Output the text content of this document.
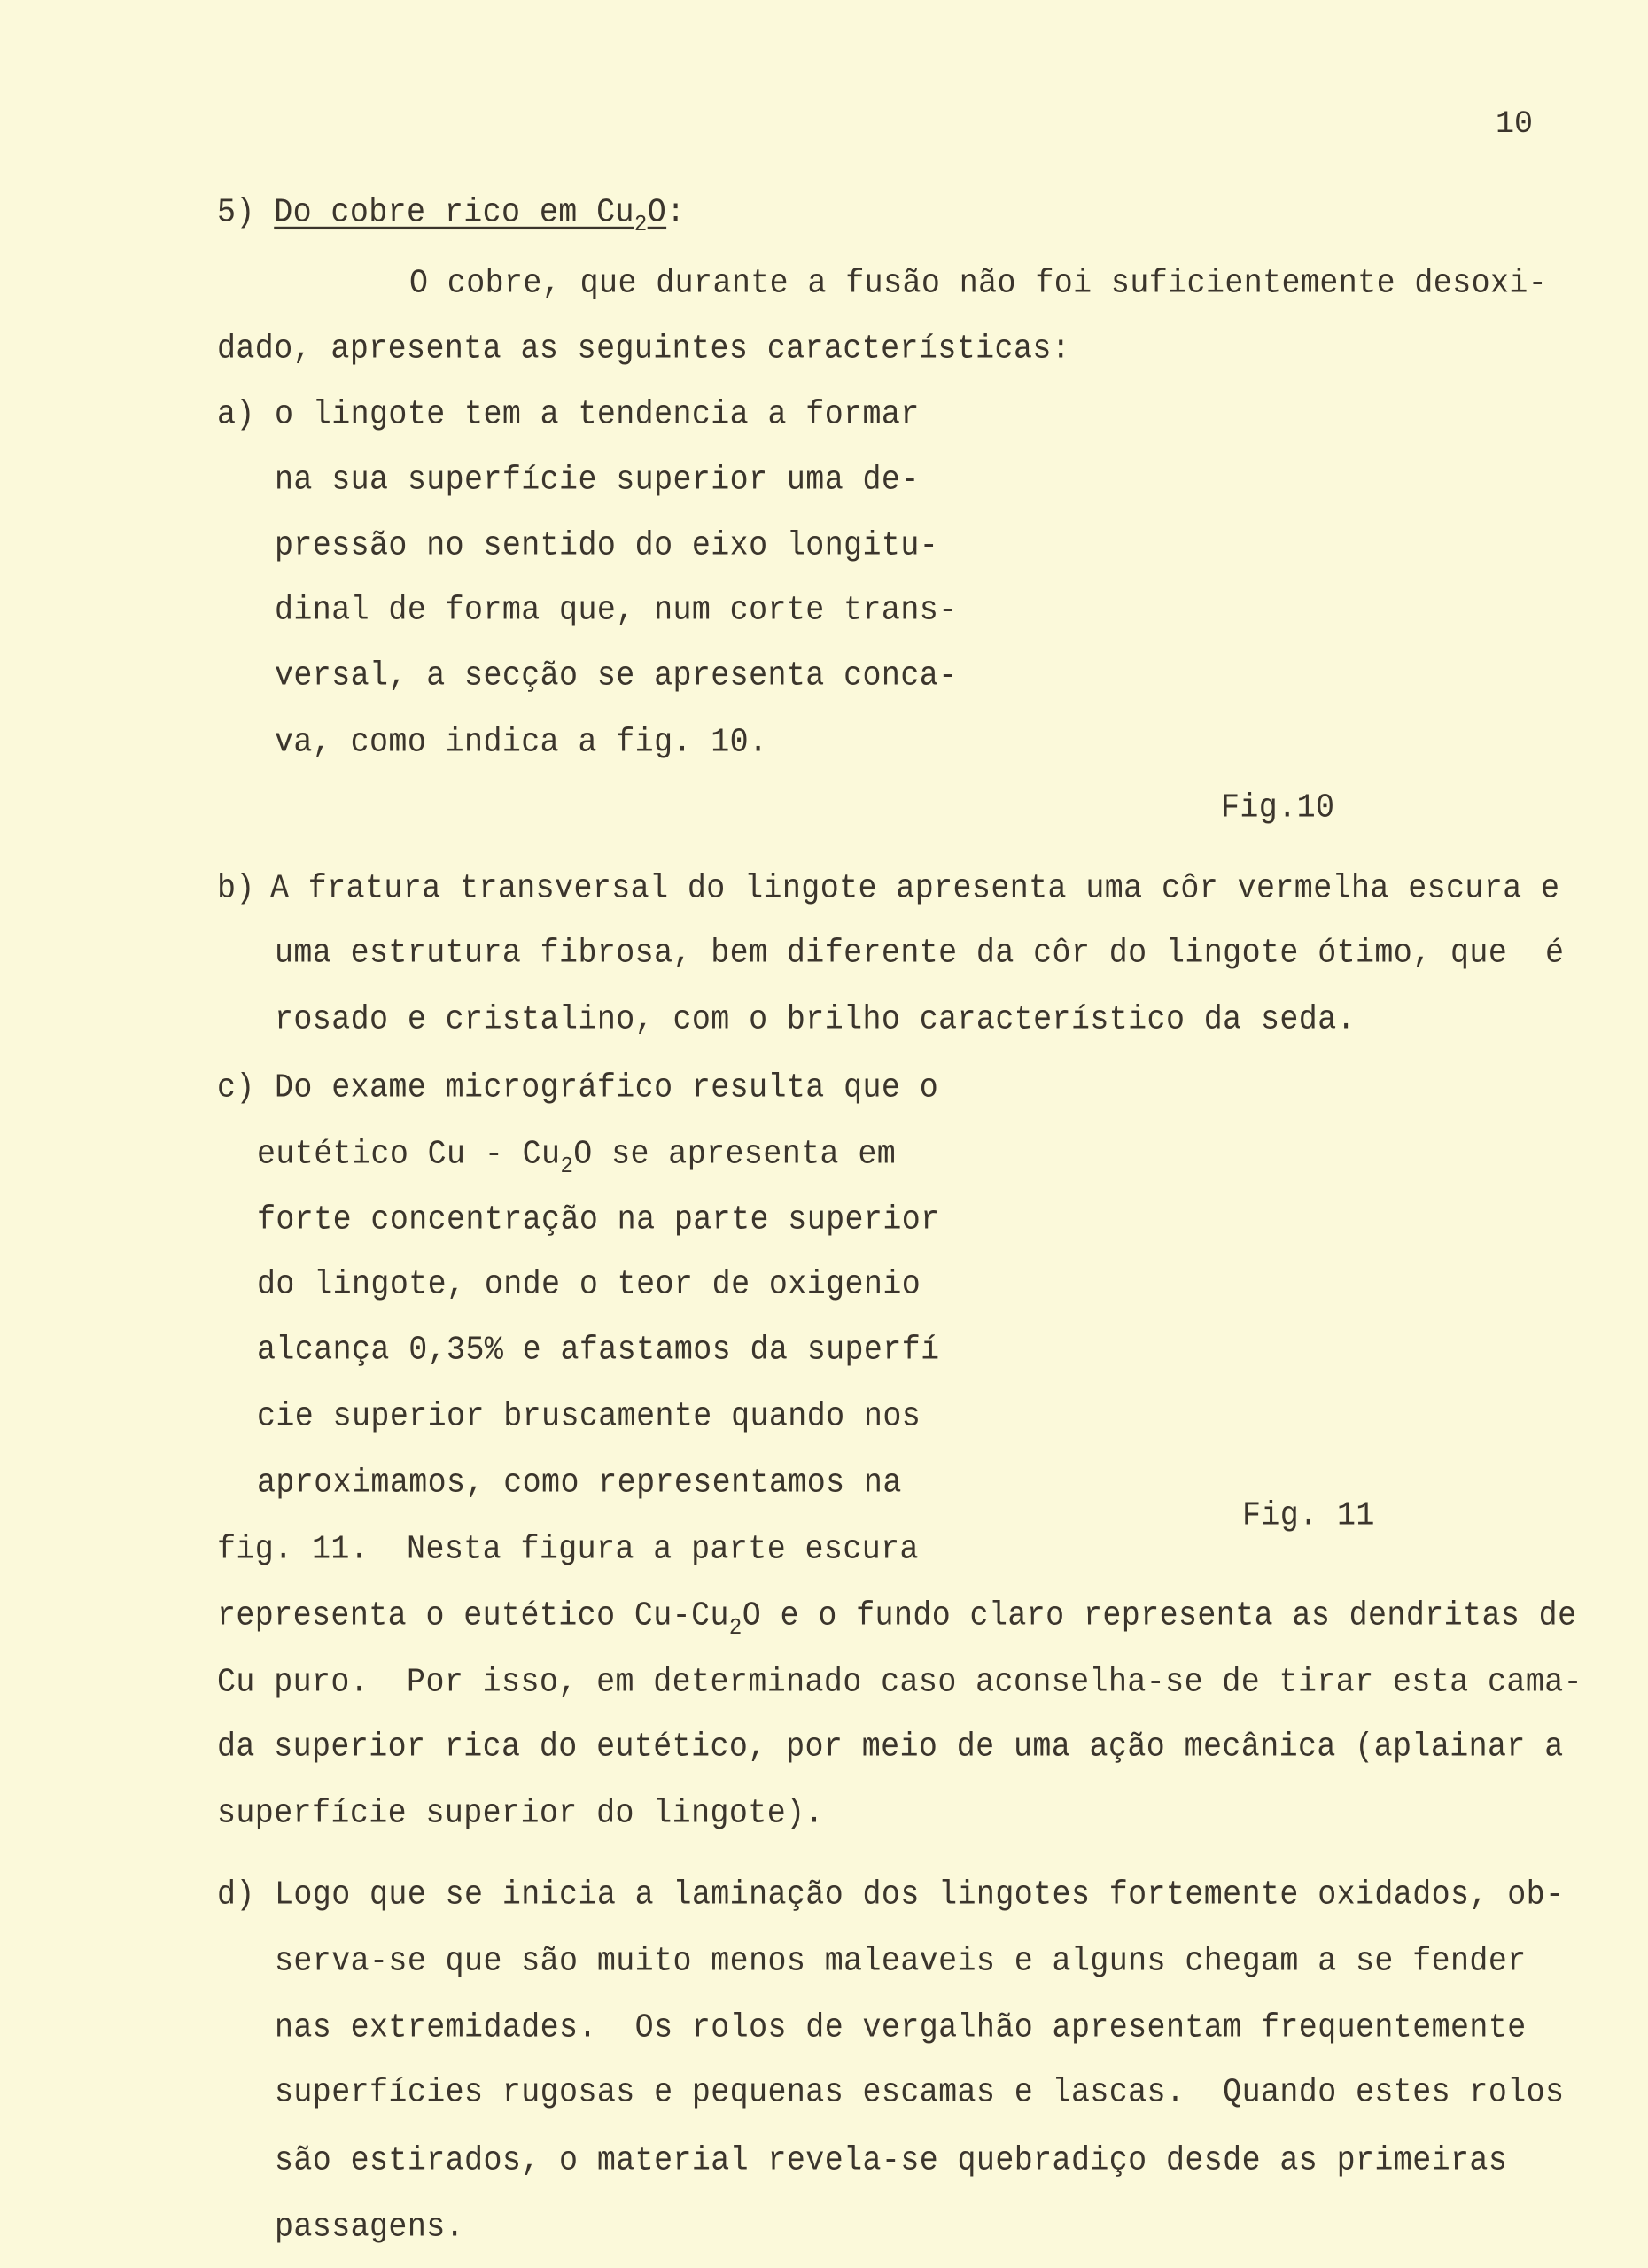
10
5) Do cobre rico em $Cu_2O$:
O cobre, que durante a fusão não foi suficientemente desoxi-
dado, apresenta as seguintes características:
a) o lingote tem a tendencia a formar
na sua superfície superior uma de-
pressão no sentido do eixo longitu-
dinal de forma que, num corte trans-
versal, a secção se apresenta conca-
va, como indica a fig. 10.
Fig.10
b) A fratura transversal do lingote apresenta uma côr vermelha escura e
uma estrutura fibrosa, bem diferente da côr do lingote ótimo, que  é
rosado e cristalino, com o brilho característico da seda.
c) Do exame micrográfico resulta que o
eutético Cu - $Cu_2O$ se apresenta em
forte concentração na parte superior
do lingote, onde o teor de oxigenio
alcança 0,35% e afastamos da superfí
cie superior bruscamente quando nos
aproximamos, como representamos na
Fig. 11
fig. 11.  Nesta figura a parte escura
representa o eutético $Cu-Cu_2O$ e o fundo claro representa as dendritas de
Cu puro.  Por isso, em determinado caso aconselha-se de tirar esta cama-
da superior rica do eutético, por meio de uma ação mecânica (aplainar a
superfície superior do lingote).
d) Logo que se inicia a laminação dos lingotes fortemente oxidados, ob-
serva-se que são muito menos maleaveis e alguns chegam a se fender
nas extremidades.  Os rolos de vergalhão apresentam frequentemente
superfícies rugosas e pequenas escamas e lascas.  Quando estes rolos
são estirados, o material revela-se quebradiço desde as primeiras
passagens.
